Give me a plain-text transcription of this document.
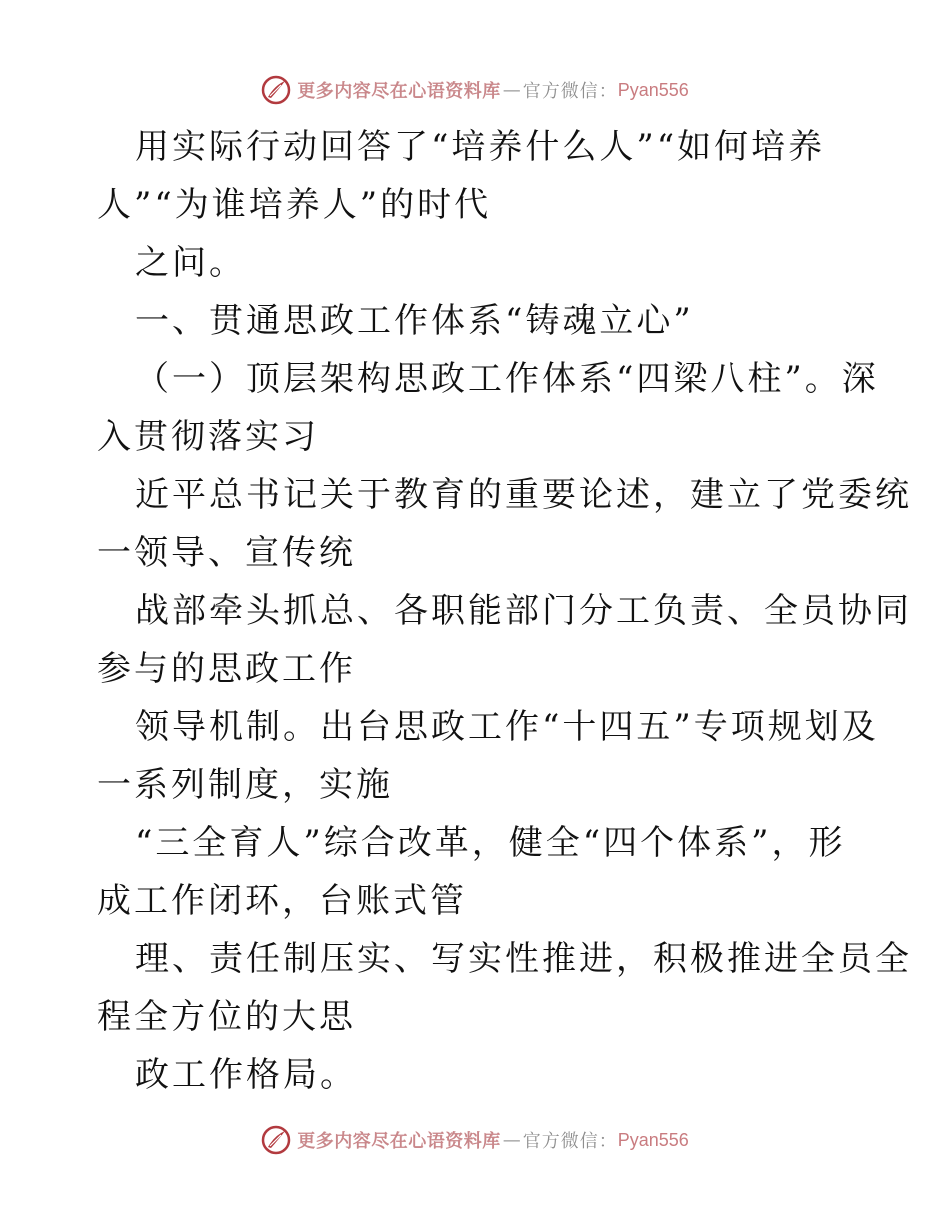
更多内容尽在心语资料库 — 官方微信： Pyan556
用实际行动回答了“培养什么人”“如何培养
人”“为谁培养人”的时代
之问。
一、贯通思政工作体系“铸魂立心”
（一）顶层架构思政工作体系“四梁八柱”。深
入贯彻落实习
近平总书记关于教育的重要论述，建立了党委统
一领导、宣传统
战部牵头抓总、各职能部门分工负责、全员协同
参与的思政工作
领导机制。出台思政工作“十四五”专项规划及
一系列制度，实施
“三全育人”综合改革，健全“四个体系”，形
成工作闭环，台账式管
理、责任制压实、写实性推进，积极推进全员全
程全方位的大思
政工作格局。
更多内容尽在心语资料库 — 官方微信： Pyan556
